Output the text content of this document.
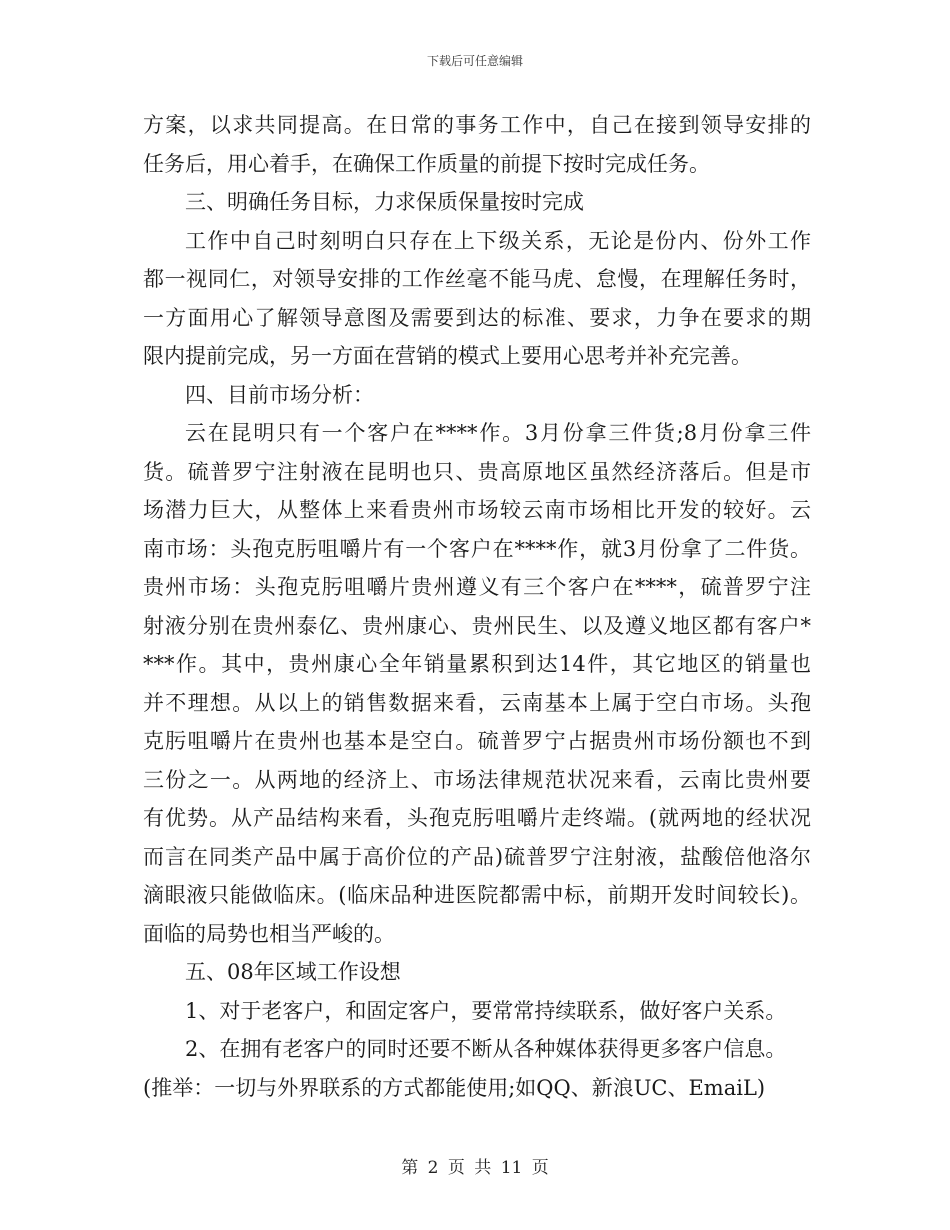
下载后可任意编辑
方案，以求共同提高。在日常的事务工作中，自己在接到领导安排的
任务后，用心着手，在确保工作质量的前提下按时完成任务。
三、明确任务目标，力求保质保量按时完成
工作中自己时刻明白只存在上下级关系，无论是份内、份外工作
都一视同仁，对领导安排的工作丝毫不能马虎、怠慢，在理解任务时，
一方面用心了解领导意图及需要到达的标准、要求，力争在要求的期
限内提前完成，另一方面在营销的模式上要用心思考并补充完善。
四、目前市场分析：
云在昆明只有一个客户在****作。3月份拿三件货;8月份拿三件
货。硫普罗宁注射液在昆明也只、贵高原地区虽然经济落后。但是市
场潜力巨大，从整体上来看贵州市场较云南市场相比开发的较好。云
南市场：头孢克肟咀嚼片有一个客户在****作，就3月份拿了二件货。
贵州市场：头孢克肟咀嚼片贵州遵义有三个客户在****，硫普罗宁注
射液分别在贵州泰亿、贵州康心、贵州民生、以及遵义地区都有客户*
***作。其中，贵州康心全年销量累积到达14件，其它地区的销量也
并不理想。从以上的销售数据来看，云南基本上属于空白市场。头孢
克肟咀嚼片在贵州也基本是空白。硫普罗宁占据贵州市场份额也不到
三份之一。从两地的经济上、市场法律规范状况来看，云南比贵州要
有优势。从产品结构来看，头孢克肟咀嚼片走终端。(就两地的经状况
而言在同类产品中属于高价位的产品)硫普罗宁注射液，盐酸倍他洛尔
滴眼液只能做临床。(临床品种进医院都需中标，前期开发时间较长)。
面临的局势也相当严峻的。
五、08年区域工作设想
1、对于老客户，和固定客户，要常常持续联系，做好客户关系。
2、在拥有老客户的同时还要不断从各种媒体获得更多客户信息。
(推举：一切与外界联系的方式都能使用;如QQ、新浪UC、EmaiL)
第 2 页 共 11 页
